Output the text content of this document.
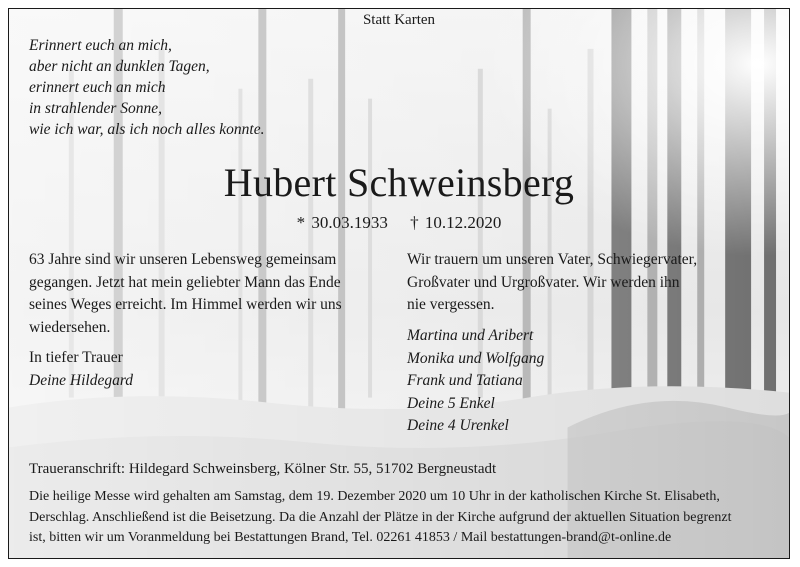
Statt Karten
Erinnert euch an mich,
aber nicht an dunklen Tagen,
erinnert euch an mich
in strahlender Sonne,
wie ich war, als ich noch alles konnte.
Hubert Schweinsberg
* 30.03.1933 † 10.12.2020
63 Jahre sind wir unseren Lebensweg gemeinsam
gegangen. Jetzt hat mein geliebter Mann das Ende
seines Weges erreicht. Im Himmel werden wir uns
wiedersehen.
In tiefer Trauer
Deine Hildegard
Wir trauern um unseren Vater, Schwiegervater,
Großvater und Urgroßvater. Wir werden ihn
nie vergessen.
Martina und Aribert
Monika und Wolfgang
Frank und Tatiana
Deine 5 Enkel
Deine 4 Urenkel
Traueranschrift: Hildegard Schweinsberg, Kölner Str. 55, 51702 Bergneustadt
Die heilige Messe wird gehalten am Samstag, dem 19. Dezember 2020 um 10 Uhr in der katholischen Kirche St. Elisabeth,
Derschlag. Anschließend ist die Beisetzung. Da die Anzahl der Plätze in der Kirche aufgrund der aktuellen Situation begrenzt
ist, bitten wir um Voranmeldung bei Bestattungen Brand, Tel. 02261 41853 / Mail bestattungen-brand@t-online.de
